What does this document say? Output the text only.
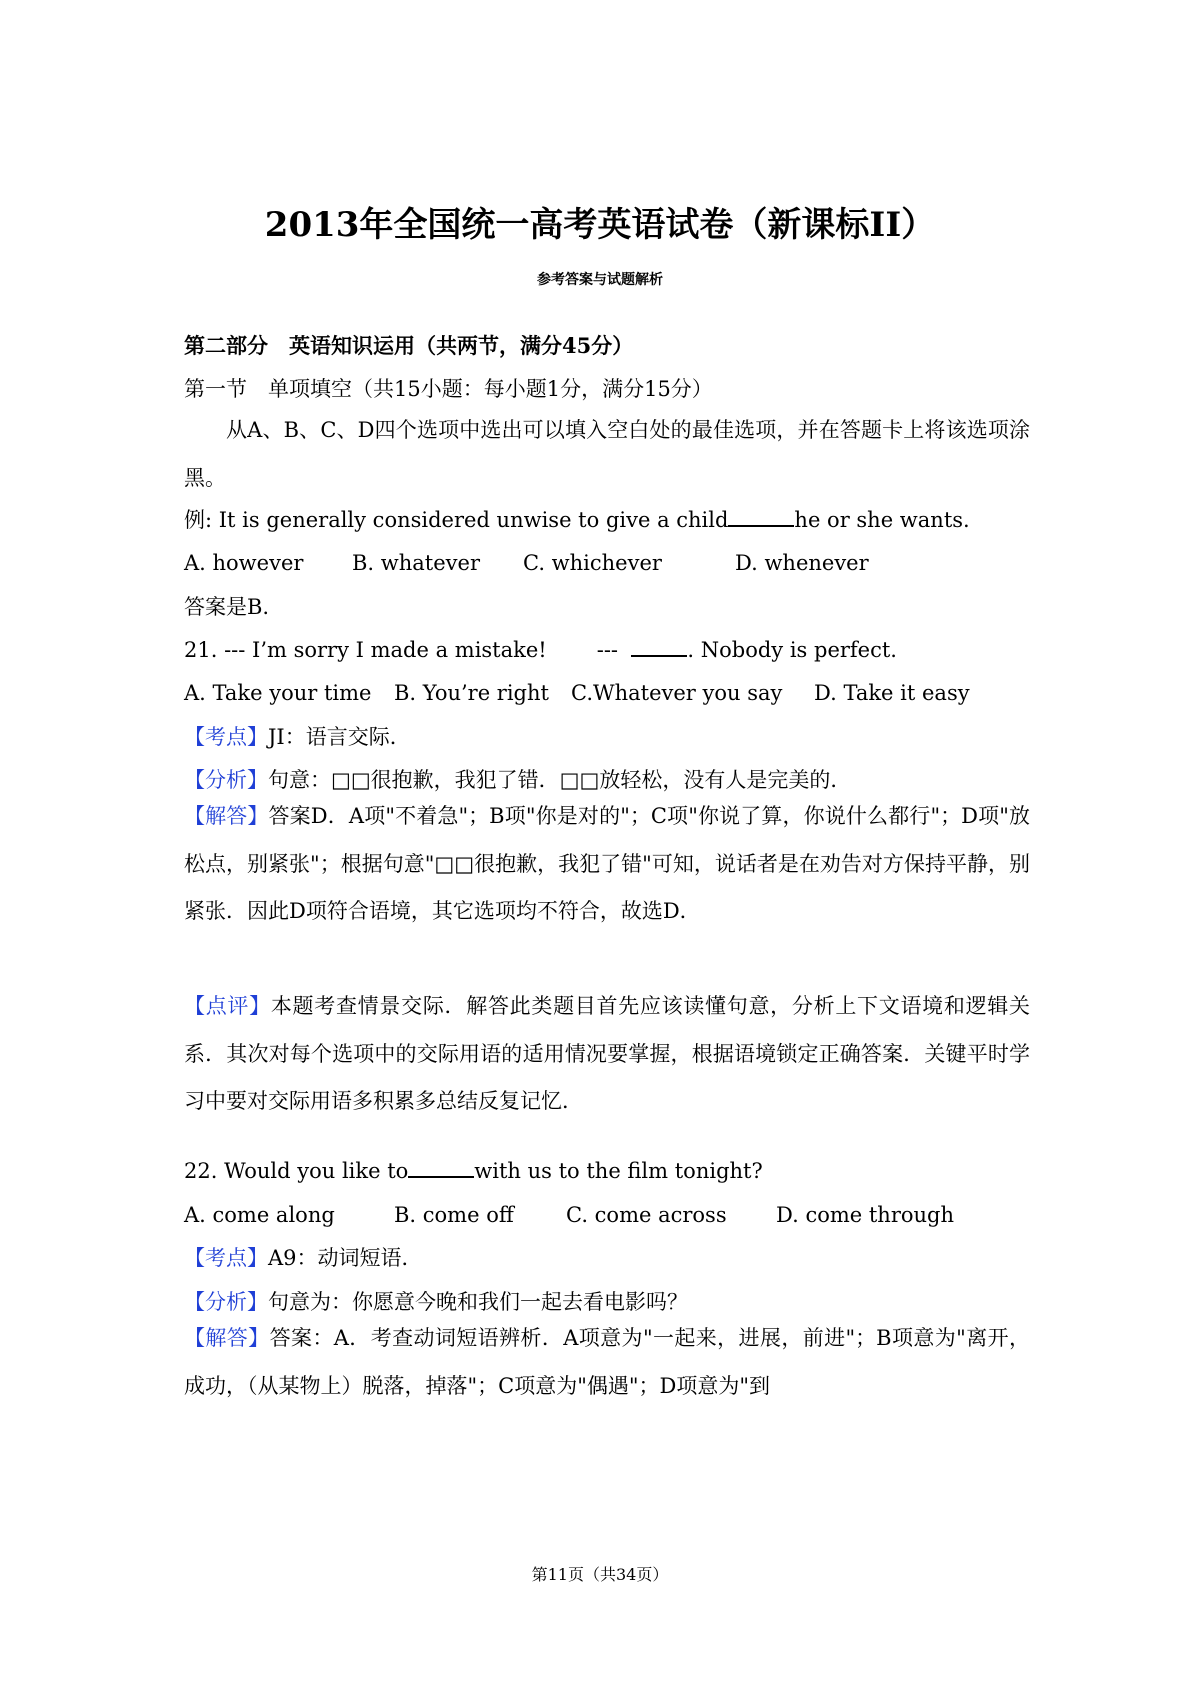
2013年全国统一高考英语试卷（新课标II）
参考答案与试题解析
第二部分　英语知识运用（共两节，满分45分）
第一节　单项填空（共15小题：每小题1分，满分15分）
从A、B、C、D四个选项中选出可以填入空白处的最佳选项，并在答题卡上将该选项涂黑。
例: It is generally considered unwise to give a child	he or she wants.
A. however B. whatever C. whichever	D. whenever
答案是B.
21. --- I’m sorry I made a mistake! ---	. Nobody is perfect.
A. Take your time B. You’re right C.Whatever you say D. Take it easy
【考点】JI：语言交际．
【分析】句意：□□很抱歉，我犯了错．□□放轻松，没有人是完美的．
【解答】答案D．A项"不着急"；B项"你是对的"；C项"你说了算，你说什么都行"；D项"放松点，别紧张"；根据句意"□□很抱歉，我犯了错"可知，说话者是在劝告对方保持平静，别紧张．因此D项符合语境，其它选项均不符合，故选D．
【点评】本题考查情景交际．解答此类题目首先应该读懂句意，分析上下文语境和逻辑关系．其次对每个选项中的交际用语的适用情况要掌握，根据语境锁定正确答案．关键平时学习中要对交际用语多积累多总结反复记忆．
22. Would you like to	with us to the film tonight?
A. come along	B. come off C. come across D. come through
【考点】A9：动词短语．
【分析】句意为：你愿意今晚和我们一起去看电影吗？
【解答】答案：A．考查动词短语辨析．A项意为"一起来，进展，前进"；B项意为"离开，成功，（从某物上）脱落，掉落"；C项意为"偶遇"；D项意为"到
第11页（共34页）
